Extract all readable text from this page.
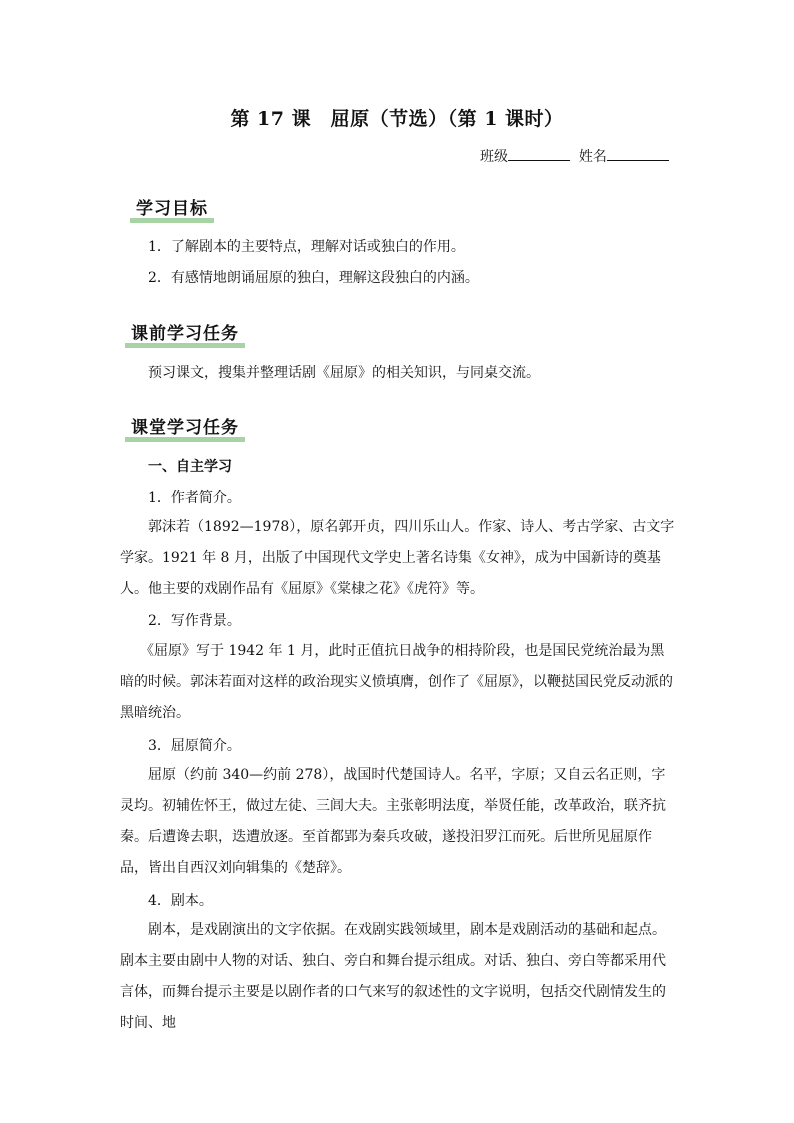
第 17 课　屈原（节选）（第 1 课时）
班级	姓名
学习目标
1．了解剧本的主要特点，理解对话或独白的作用。
2．有感情地朗诵屈原的独白，理解这段独白的内涵。
课前学习任务
预习课文，搜集并整理话剧《屈原》的相关知识，与同桌交流。
课堂学习任务
一、自主学习
1．作者简介。
郭沫若（1892—1978），原名郭开贞，四川乐山人。作家、诗人、考古学家、古文字学家。1921 年 8 月，出版了中国现代文学史上著名诗集《女神》，成为中国新诗的奠基人。他主要的戏剧作品有《屈原》《棠棣之花》《虎符》等。
2．写作背景。
《屈原》写于 1942 年 1 月，此时正值抗日战争的相持阶段，也是国民党统治最为黑暗的时候。郭沫若面对这样的政治现实义愤填膺，创作了《屈原》，以鞭挞国民党反动派的黑暗统治。
3．屈原简介。
屈原（约前 340—约前 278），战国时代楚国诗人。名平，字原；又自云名正则，字灵均。初辅佐怀王，做过左徒、三闾大夫。主张彰明法度，举贤任能，改革政治，联齐抗秦。后遭谗去职，迭遭放逐。至首都郢为秦兵攻破，遂投汨罗江而死。后世所见屈原作品，皆出自西汉刘向辑集的《楚辞》。
4．剧本。
剧本，是戏剧演出的文字依据。在戏剧实践领域里，剧本是戏剧活动的基础和起点。剧本主要由剧中人物的对话、独白、旁白和舞台提示组成。对话、独白、旁白等都采用代言体，而舞台提示主要是以剧作者的口气来写的叙述性的文字说明，包括交代剧情发生的时间、地
